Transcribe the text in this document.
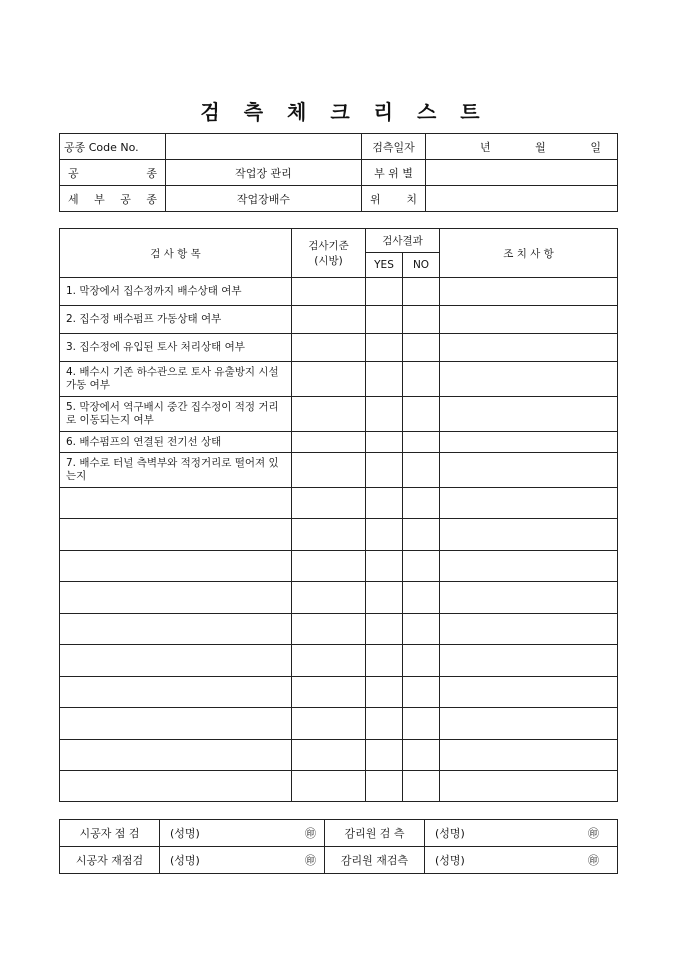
검측체크리스트
공종 Code No.		검측일자	년 월 일

공 종	작업장 관리	부 위 별	
세 부 공 종	작업장배수	위 치	
검 사 항 목	검사기준	검사결과		조 치 사 항
	(시방)	YES	NO	
1. 막장에서 집수정까지 배수상태 여부				
2. 집수정 배수펌프 가동상태 여부				
3. 집수정에 유입된 토사 처리상태 여부				
4. 배수시 기존 하수관으로 토사 유출방지 시설가동 여부				
5. 막장에서 역구배시 중간 집수정이 적정 거리로 이동되는지 여부				
6. 배수펌프의 연결된 전기선 상태				
7. 배수로 터널 측벽부와 적정거리로 떨어져 있는지				

시공자 점 검	(성명) ㊞	감리원 검 측	(성명) ㊞

시공자 재점검	(성명) ㊞	감리원 재검측	(성명) ㊞
